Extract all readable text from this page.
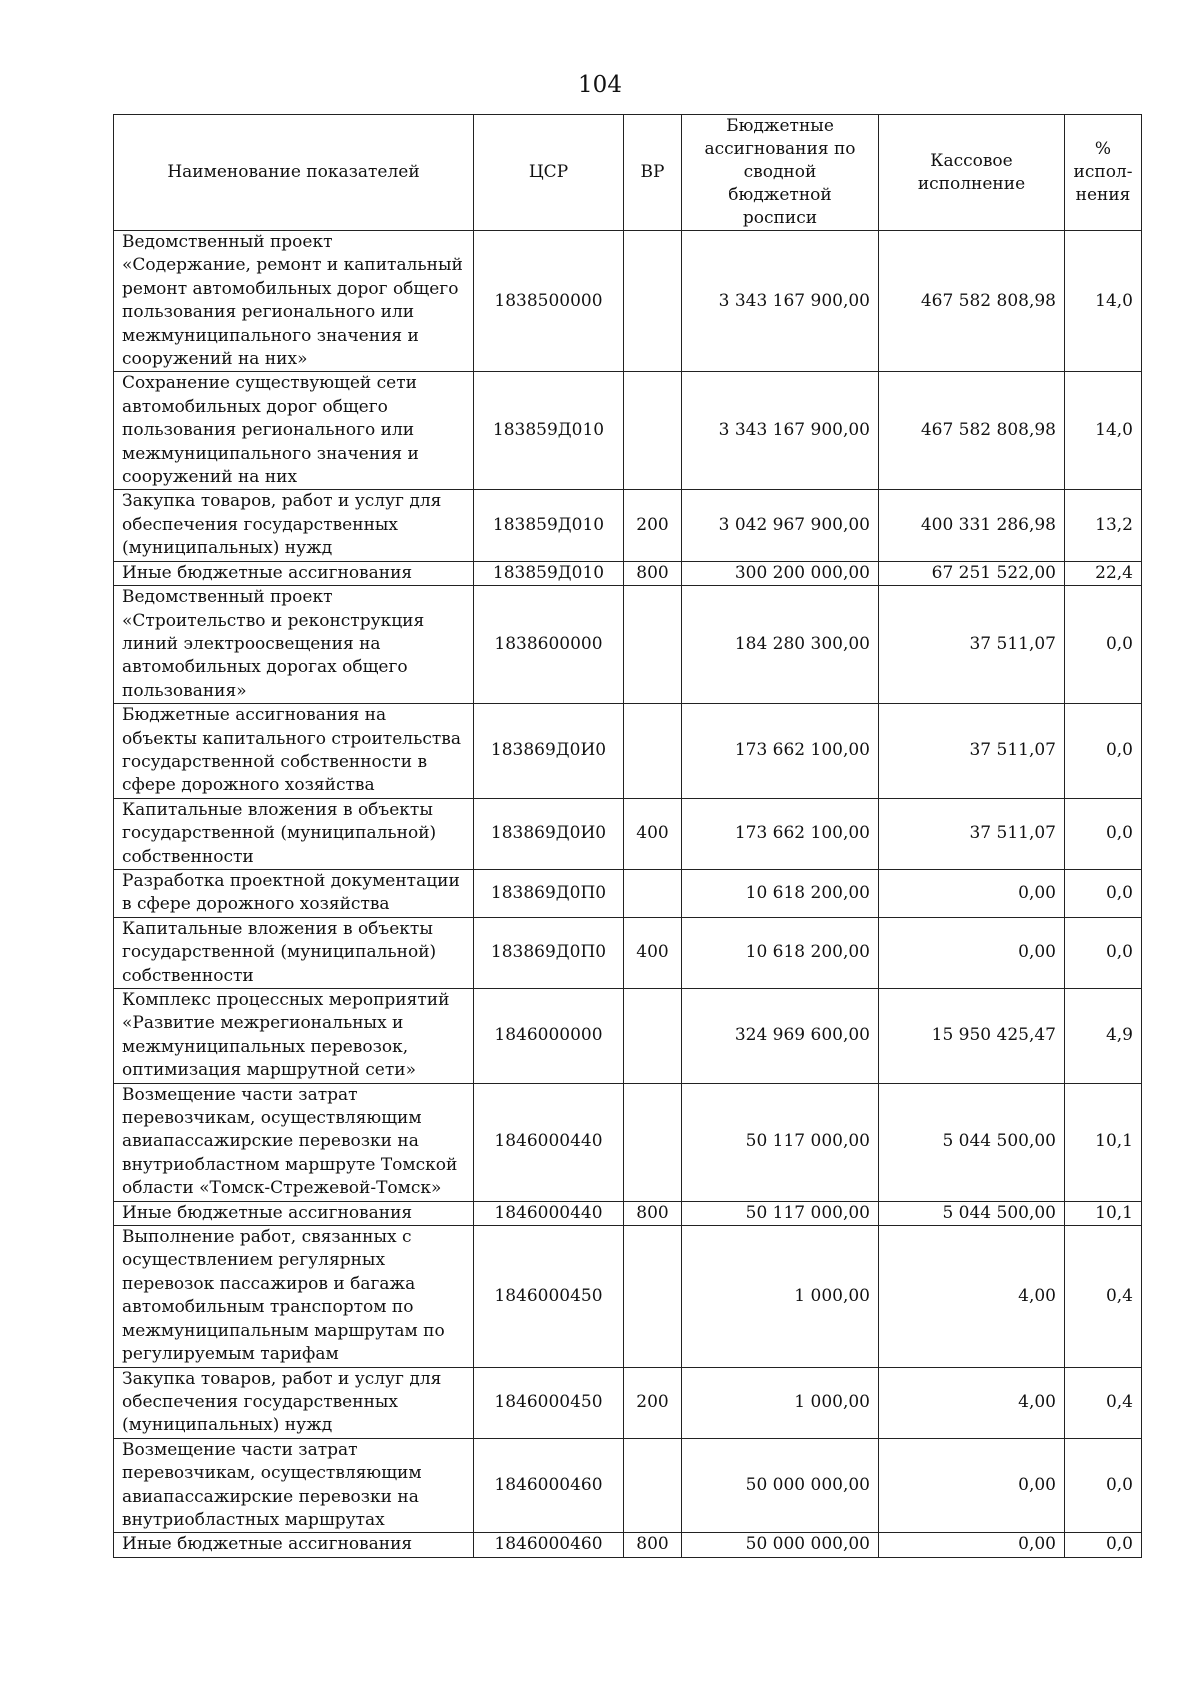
104
Наименование показателей	ЦСР	ВР	Бюджетные ассигнования по сводной бюджетной росписи	Кассовое исполнение	% испол-нения
Ведомственный проект «Содержание, ремонт и капитальный ремонт автомобильных дорог общего пользования регионального или межмуниципального значения и сооружений на них»	1838500000		3 343 167 900,00	467 582 808,98	14,0
Сохранение существующей сети автомобильных дорог общего пользования регионального или межмуниципального значения и сооружений на них	183859Д010		3 343 167 900,00	467 582 808,98	14,0
Закупка товаров, работ и услуг для обеспечения государственных (муниципальных) нужд	183859Д010	200	3 042 967 900,00	400 331 286,98	13,2
Иные бюджетные ассигнования	183859Д010	800	300 200 000,00	67 251 522,00	22,4
Ведомственный проект «Строительство и реконструкция линий электроосвещения на автомобильных дорогах общего пользования»	1838600000		184 280 300,00	37 511,07	0,0
Бюджетные ассигнования на объекты капитального строительства государственной собственности в сфере дорожного хозяйства	183869Д0И0		173 662 100,00	37 511,07	0,0
Капитальные вложения в объекты государственной (муниципальной) собственности	183869Д0И0	400	173 662 100,00	37 511,07	0,0
Разработка проектной документации в сфере дорожного хозяйства	183869Д0П0		10 618 200,00	0,00	0,0
Капитальные вложения в объекты государственной (муниципальной) собственности	183869Д0П0	400	10 618 200,00	0,00	0,0
Комплекс процессных мероприятий «Развитие межрегиональных и межмуниципальных перевозок, оптимизация маршрутной сети»	1846000000		324 969 600,00	15 950 425,47	4,9
Возмещение части затрат перевозчикам, осуществляющим авиапассажирские перевозки на внутриобластном маршруте Томской области «Томск-Стрежевой-Томск»	1846000440		50 117 000,00	5 044 500,00	10,1
Иные бюджетные ассигнования	1846000440	800	50 117 000,00	5 044 500,00	10,1
Выполнение работ, связанных с осуществлением регулярных перевозок пассажиров и багажа автомобильным транспортом по межмуниципальным маршрутам по регулируемым тарифам	1846000450		1 000,00	4,00	0,4
Закупка товаров, работ и услуг для обеспечения государственных (муниципальных) нужд	1846000450	200	1 000,00	4,00	0,4
Возмещение части затрат перевозчикам, осуществляющим авиапассажирские перевозки на внутриобластных маршрутах	1846000460		50 000 000,00	0,00	0,0
Иные бюджетные ассигнования	1846000460	800	50 000 000,00	0,00	0,0
